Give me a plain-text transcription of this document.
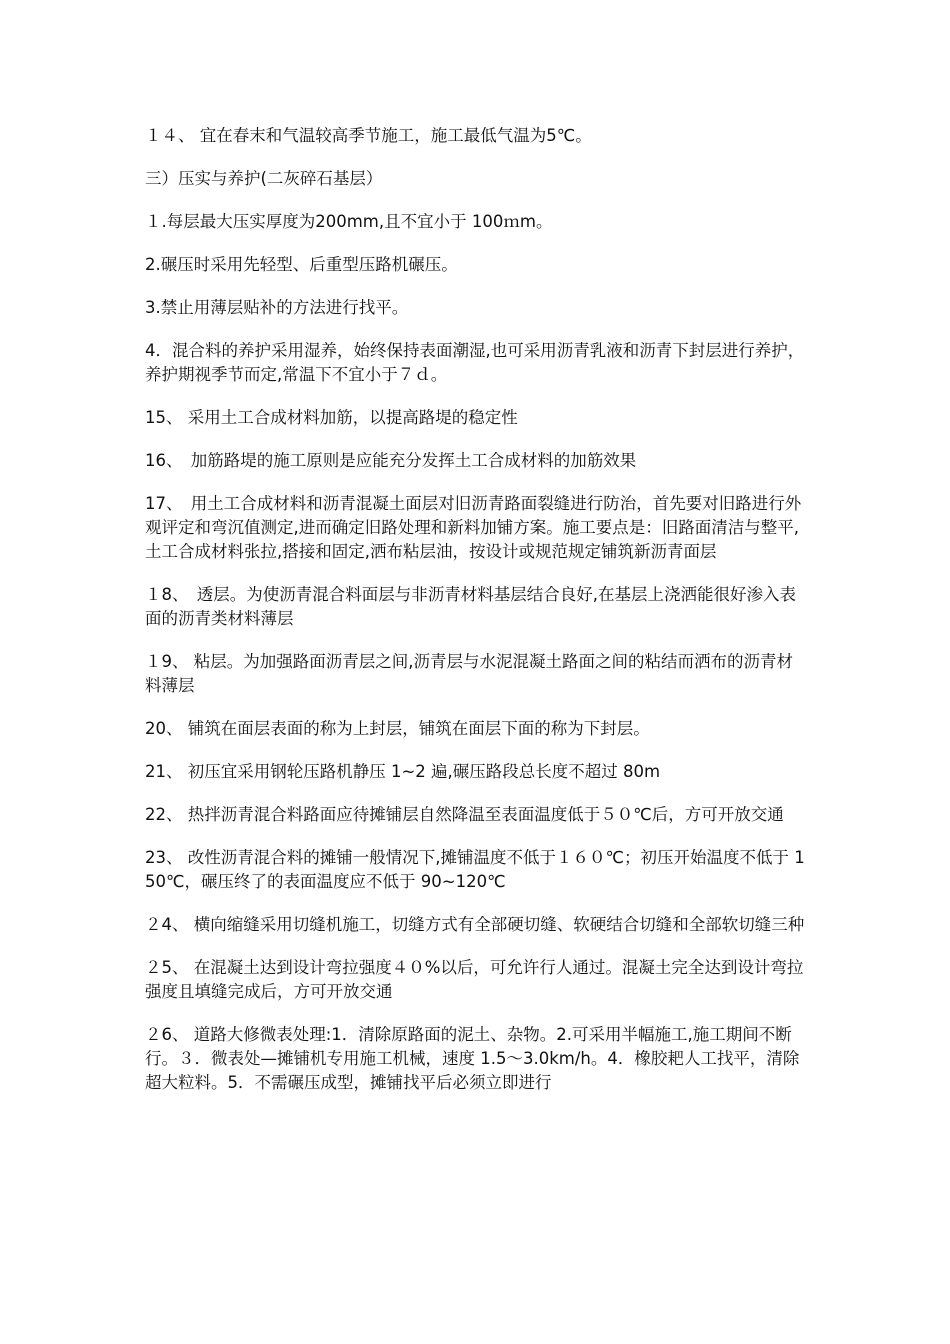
１４、 宜在春末和气温较高季节施工，施工最低气温为5℃。

三）压实与养护(二灰碎石基层）

１.每层最大压实厚度为200mm,且不宜小于 100ｍm。

2.碾压时采用先轻型、后重型压路机碾压。

3.禁止用薄层贴补的方法进行找平。

4．混合料的养护采用湿养，始终保持表面潮湿,也可采用沥青乳液和沥青下封层进行养护，养护期视季节而定,常温下不宜小于７ｄ。

15、 采用土工合成材料加筋，以提高路堤的稳定性

16、　加筋路堤的施工原则是应能充分发挥土工合成材料的加筋效果

17、　用土工合成材料和沥青混凝土面层对旧沥青路面裂缝进行防治，首先要对旧路进行外观评定和弯沉值测定,进而确定旧路处理和新料加铺方案。施工要点是：旧路面清洁与整平,土工合成材料张拉,搭接和固定,洒布粘层油，按设计或规范规定铺筑新沥青面层

１8、　透层。为使沥青混合料面层与非沥青材料基层结合良好,在基层上浇洒能很好渗入表面的沥青类材料薄层

１9、 粘层。为加强路面沥青层之间,沥青层与水泥混凝土路面之间的粘结而洒布的沥青材料薄层

20、 铺筑在面层表面的称为上封层，铺筑在面层下面的称为下封层。

21、 初压宜采用钢轮压路机静压 1~2 遍,碾压路段总长度不超过 80m

22、 热拌沥青混合料路面应待摊铺层自然降温至表面温度低于５０℃后，方可开放交通

23、 改性沥青混合料的摊铺一般情况下,摊铺温度不低于１６０℃；初压开始温度不低于 150℃，碾压终了的表面温度应不低于 90~120℃

２4、 横向缩缝采用切缝机施工，切缝方式有全部硬切缝、软硬结合切缝和全部软切缝三种

２5、 在混凝土达到设计弯拉强度４０%以后，可允许行人通过。混凝土完全达到设计弯拉强度且填缝完成后，方可开放交通

２6、 道路大修微表处理:1．清除原路面的泥土、杂物。2.可采用半幅施工,施工期间不断行。３．微表处—摊铺机专用施工机械，速度 1.5～3.0km/h。4．橡胶耙人工找平，清除超大粒料。5．不需碾压成型，摊铺找平后必须立即进行
